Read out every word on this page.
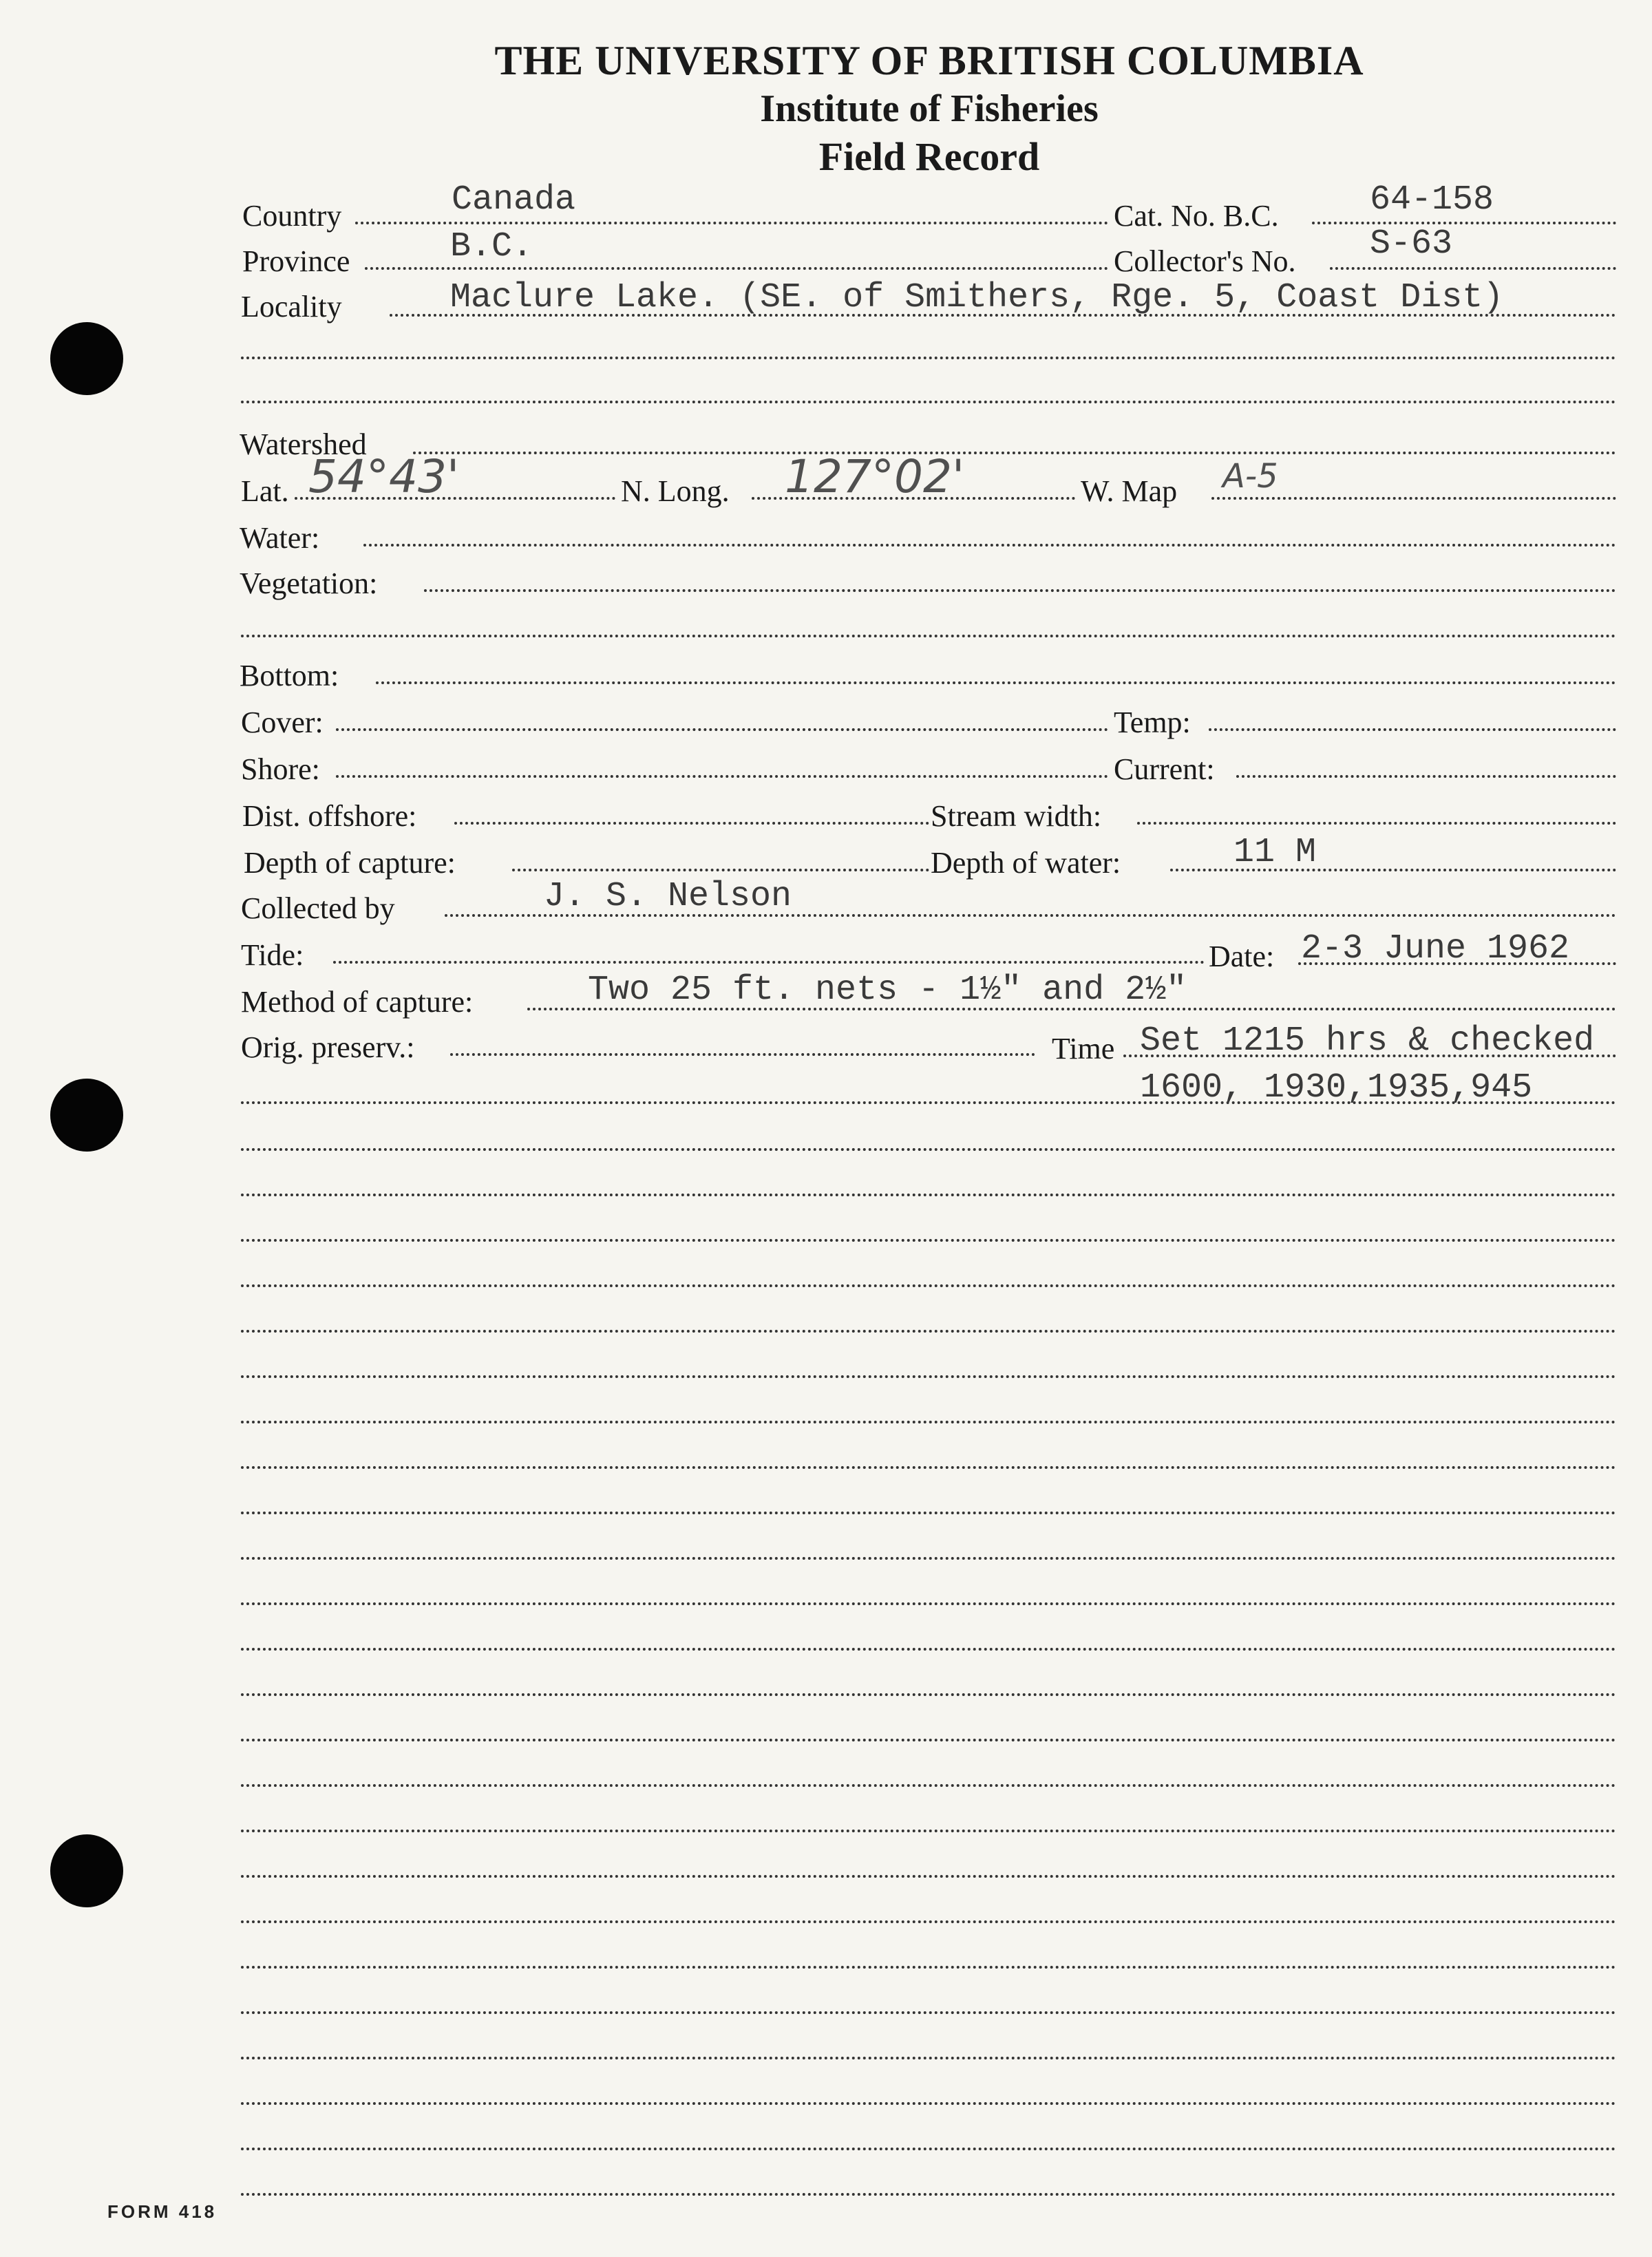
THE UNIVERSITY OF BRITISH COLUMBIA
Institute of Fisheries
Field Record
Country	Canada	Cat. No. B.C.	64-158
Province	B.C.	Collector's No. S-63
Locality	Maclure Lake. (SE. of Smithers, Rge. 5, Coast Dist)
Watershed
Lat. 54°43'	N. Long. 127°02'	W. Map A-5
Water:
Vegetation:
Bottom:
Cover:	Temp:
Shore:	Current:
Dist. offshore:	Stream width:
Depth of capture:	Depth of water:	11 M
Collected by	J. S. Nelson
Tide:	Date: 2-3 June 1962
Method of capture:	Two 25 ft. nets - 1½" and 2½"
Orig. preserv.:	Time Set 1215 hrs & checked
1600, 1930,1935,945
FORM 418
